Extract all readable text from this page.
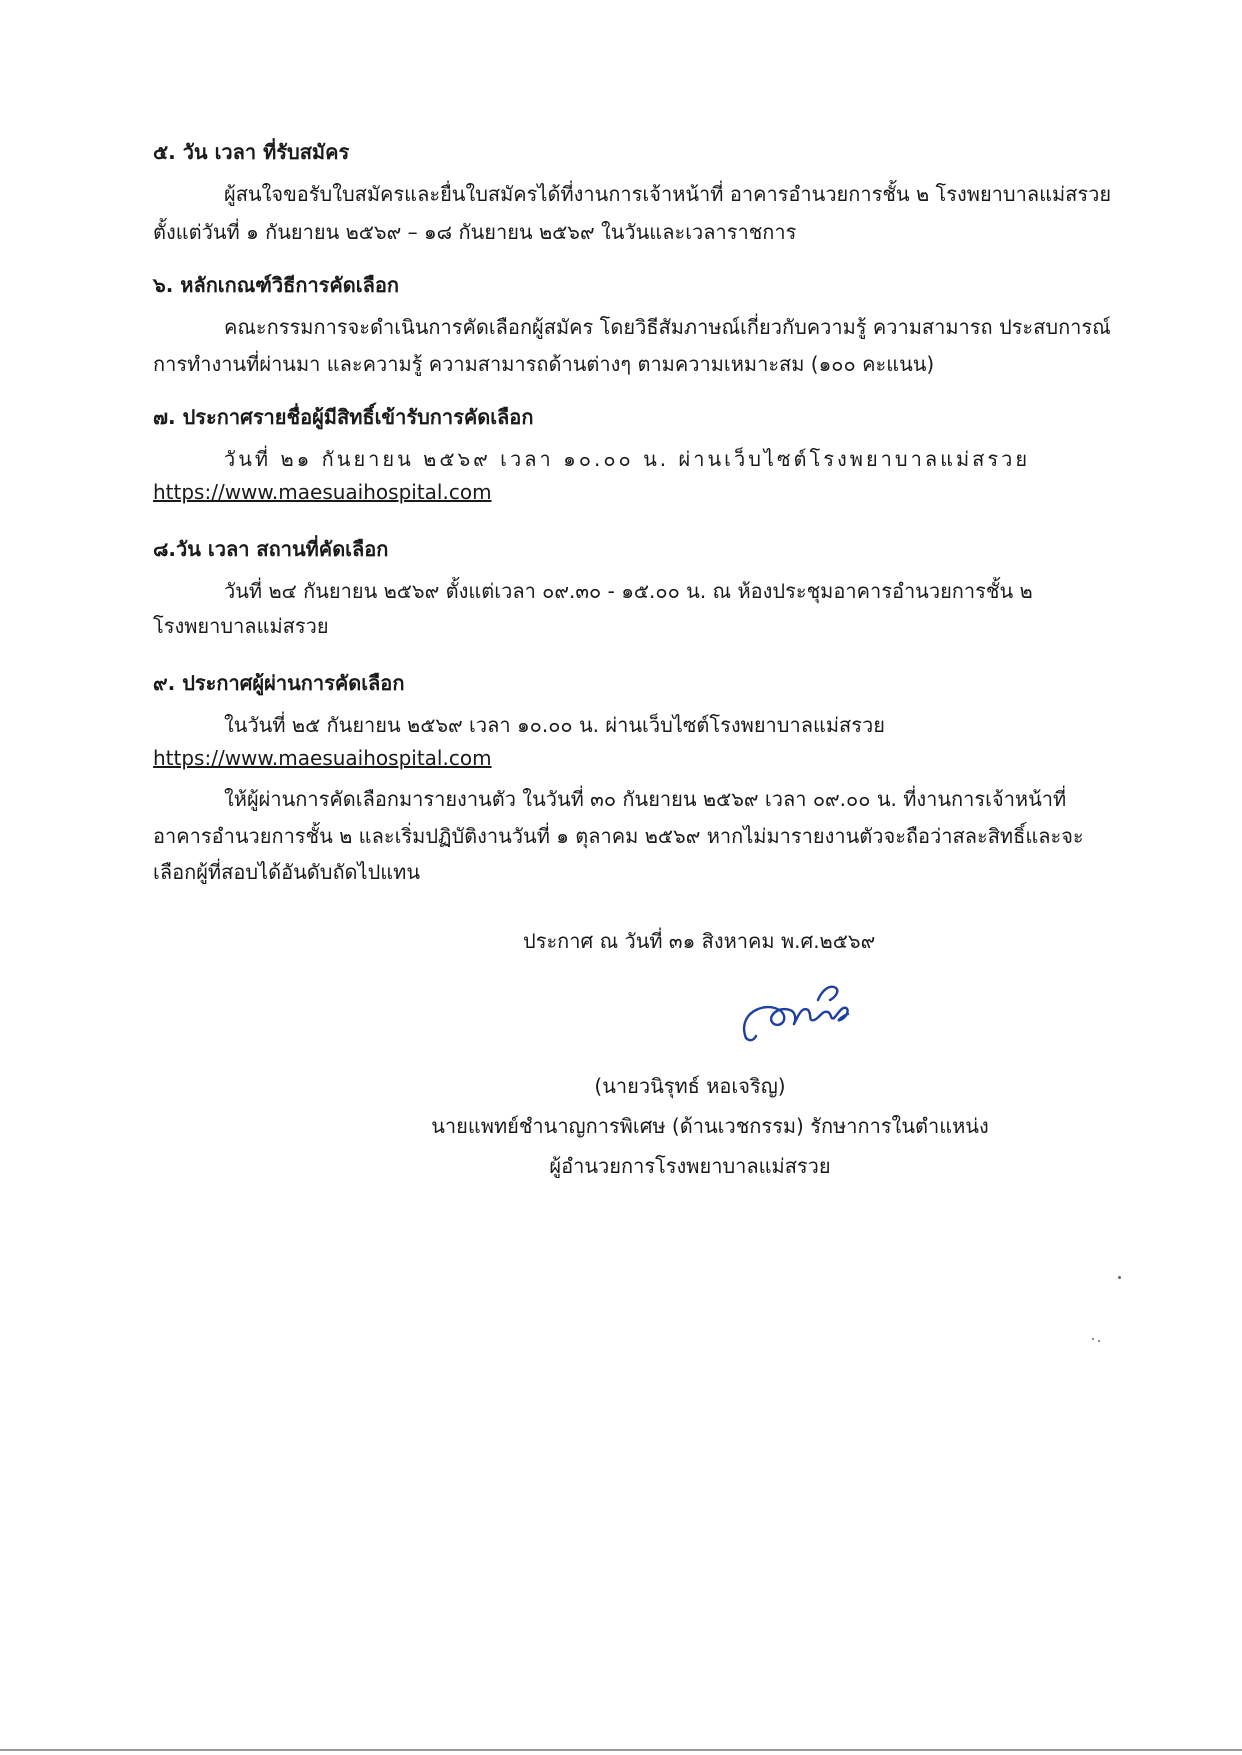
๕. วัน เวลา ที่รับสมัคร
ผู้สนใจขอรับใบสมัครและยื่นใบสมัครได้ที่งานการเจ้าหน้าที่ อาคารอำนวยการชั้น ๒ โรงพยาบาลแม่สรวย
ตั้งแต่วันที่ ๑ กันยายน ๒๕๖๙ – ๑๘ กันยายน ๒๕๖๙ ในวันและเวลาราชการ
๖. หลักเกณฑ์วิธีการคัดเลือก
คณะกรรมการจะดำเนินการคัดเลือกผู้สมัคร โดยวิธีสัมภาษณ์เกี่ยวกับความรู้ ความสามารถ ประสบการณ์
การทำงานที่ผ่านมา และความรู้ ความสามารถด้านต่างๆ ตามความเหมาะสม (๑๐๐ คะแนน)
๗. ประกาศรายชื่อผู้มีสิทธิ์เข้ารับการคัดเลือก
วันที่ ๒๑ กันยายน ๒๕๖๙ เวลา ๑๐.๐๐ น. ผ่านเว็บไซต์โรงพยาบาลแม่สรวย
https://www.maesuaihospital.com
๘.วัน เวลา สถานที่คัดเลือก
วันที่ ๒๔ กันยายน ๒๕๖๙ ตั้งแต่เวลา ๐๙.๓๐ - ๑๕.๐๐ น. ณ ห้องประชุมอาคารอำนวยการชั้น ๒
โรงพยาบาลแม่สรวย
๙. ประกาศผู้ผ่านการคัดเลือก
ในวันที่ ๒๕ กันยายน ๒๕๖๙ เวลา ๑๐.๐๐ น. ผ่านเว็บไซต์โรงพยาบาลแม่สรวย
https://www.maesuaihospital.com
ให้ผู้ผ่านการคัดเลือกมารายงานตัว ในวันที่ ๓๐ กันยายน ๒๕๖๙ เวลา ๐๙.๐๐ น. ที่งานการเจ้าหน้าที่
อาคารอำนวยการชั้น ๒ และเริ่มปฏิบัติงานวันที่ ๑ ตุลาคม ๒๕๖๙ หากไม่มารายงานตัวจะถือว่าสละสิทธิ์และจะ
เลือกผู้ที่สอบได้อันดับถัดไปแทน
ประกาศ ณ วันที่ ๓๑ สิงหาคม พ.ศ.๒๕๖๙
(นายวนิรุทธ์ หอเจริญ)
นายแพทย์ชำนาญการพิเศษ (ด้านเวชกรรม) รักษาการในตำแหน่ง
ผู้อำนวยการโรงพยาบาลแม่สรวย
